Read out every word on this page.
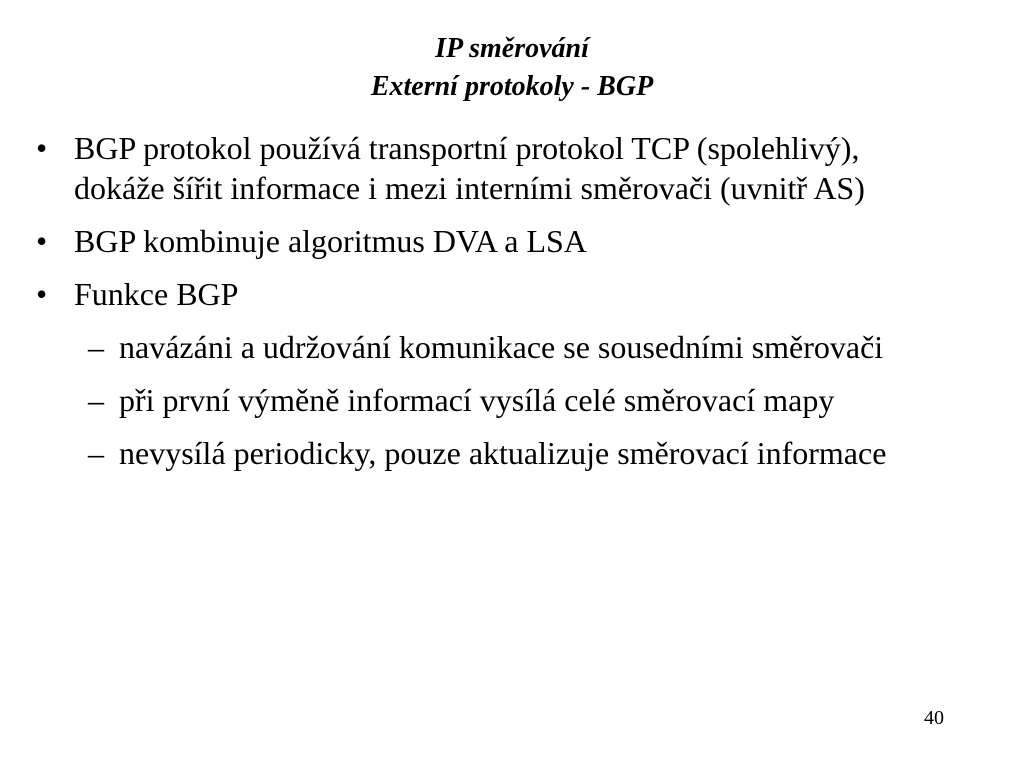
IP směrování
Externí protokoly - BGP
• BGP protokol používá transportní protokol TCP (spolehlivý), dokáže šířit informace i mezi interními směrovači (uvnitř AS)
• BGP kombinuje algoritmus DVA a LSA
• Funkce BGP
– navázáni a udržování komunikace se sousedními směrovači
– při první výměně informací vysílá celé směrovací mapy
– nevysílá periodicky, pouze aktualizuje směrovací informace
40
